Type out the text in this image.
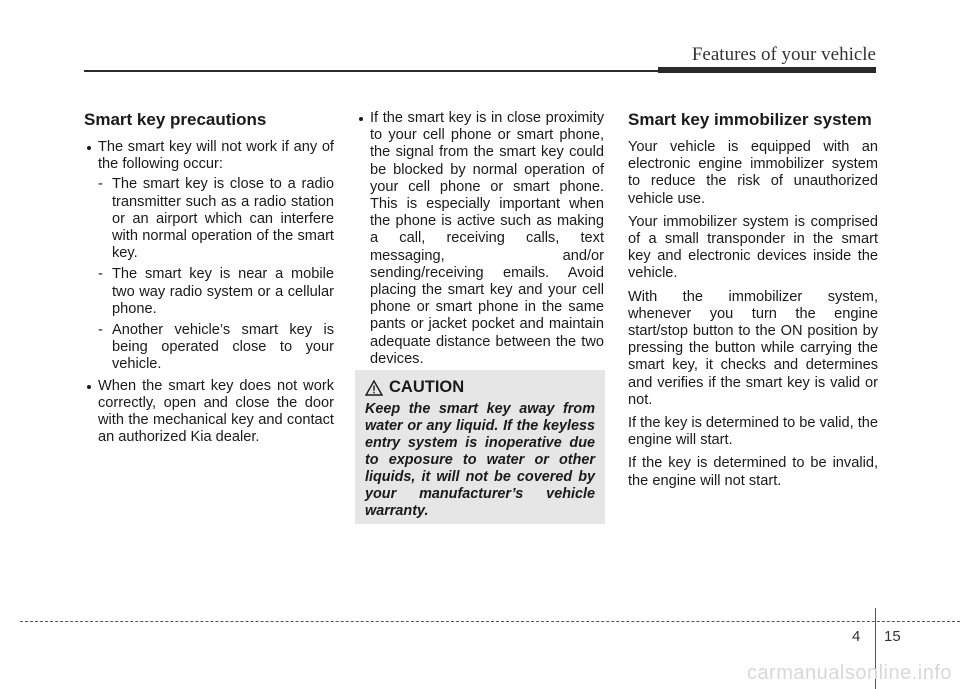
Features of your vehicle
Smart key precautions
The smart key will not work if any of the following occur:
- The smart key is close to a radio transmitter such as a radio station or an airport which can interfere with normal operation of the smart key.
- The smart key is near a mobile two way radio system or a cellular phone.
- Another vehicle’s smart key is being operated close to your vehicle.
When the smart key does not work correctly, open and close the door with the mechanical key and contact an authorized Kia dealer.
If the smart key is in close proximity to your cell phone or smart phone, the signal from the smart key could be blocked by normal operation of your cell phone or smart phone. This is especially important when the phone is active such as making a call, receiving calls, text messaging, and/or sending/receiving emails. Avoid placing the smart key and your cell phone or smart phone in the same pants or jacket pocket and maintain adequate distance between the two devices.
CAUTION
Keep the smart key away from water or any liquid. If the keyless entry system is inoperative due to exposure to water or other liquids, it will not be covered by your manufacturer’s vehicle warranty.
Smart key immobilizer system

Your vehicle is equipped with an electronic engine immobilizer system to reduce the risk of unauthorized vehicle use.

Your immobilizer system is comprised of a small transponder in the smart key and electronic devices inside the vehicle.

With the immobilizer system, whenever you turn the engine start/stop button to the ON position by pressing the button while carrying the smart key, it checks and determines and verifies if the smart key is valid or not.

If the key is determined to be valid, the engine will start.

If the key is determined to be invalid, the engine will not start.

4 15
carmanualsonline.info
